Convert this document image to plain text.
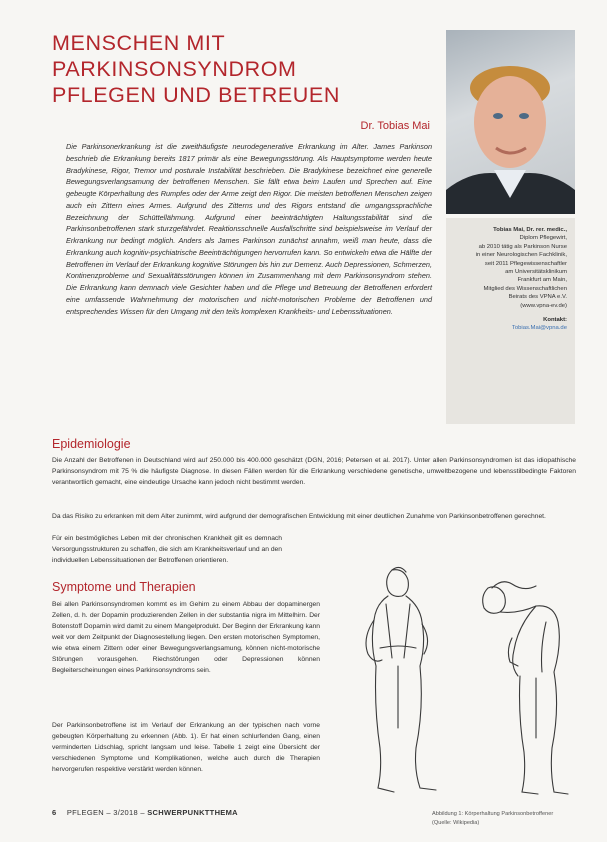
MENSCHEN MIT
PARKINSONSYNDROM
PFLEGEN UND BETREUEN
Dr. Tobias Mai

Die Parkinsonerkrankung ist die zweithäufigste neurodegenerative Erkrankung im Alter. James Parkinson beschrieb die Erkrankung bereits 1817 primär als eine Bewegungsstörung. Als Hauptsymptome werden heute Bradykinese, Rigor, Tremor und posturale Instabilität beschrieben. Die Bradykinese bezeichnet eine generelle Bewegungsverlangsamung der betroffenen Menschen. Sie fällt etwa beim Laufen und Sprechen auf. Eine gebeugte Körperhaltung des Rumpfes oder der Arme zeigt den Rigor. Die meisten betroffenen Menschen zeigen auch ein Zittern eines Armes. Aufgrund des Zitterns und des Rigors entstand die umgangssprachliche Bezeichnung der Schüttellähmung. Aufgrund einer beeinträchtigten Haltungsstabilität sind die Parkinsonbetroffenen stark sturzgefährdet. Reaktionsschnelle Ausfallschritte sind beispielsweise im Verlauf der Erkrankung nur bedingt möglich. Anders als James Parkinson zunächst annahm, weiß man heute, dass die Erkrankung auch kognitiv-psychiatrische Beeinträchtigungen hervorrufen kann. So entwickeln etwa die Hälfte der Betroffenen im Verlauf der Erkrankung kognitive Störungen bis hin zur Demenz. Auch Depressionen, Schmerzen, Kontinenzprobleme und Sexualitätsstörungen können im Zusammenhang mit dem Parkinsonsyndrom stehen. Die Erkrankung kann demnach viele Gesichter haben und die Pflege und Betreuung der Betroffenen erfordert eine umfassende Wahrnehmung der motorischen und nicht-motorischen Probleme der Betroffenen und entsprechendes Wissen für den Umgang mit den teils komplexen Krankheits- und Lebenssituationen.

Tobias Mai, Dr. rer. medic.,
Diplom Pflegewirt,
ab 2010 tätig als Parkinson Nurse
in einer Neurologischen Fachklinik,
seit 2011 Pflegewissenschaftler
am Universitätsklinikum
Frankfurt am Main,
Mitglied des Wissenschaftlichen
Beirats des VPNA e.V.
(www.vpna-ev.de)
Kontakt:
Tobias.Mai@vpna.de
Epidemiologie

Die Anzahl der Betroffenen in Deutschland wird auf 250.000 bis 400.000 geschätzt (DGN, 2016; Petersen et al. 2017). Unter allen Parkinsonsyndromen ist das idiopathische Parkinsonsyndrom mit 75 % die häufigste Diagnose. In diesen Fällen werden für die Erkrankung verschiedene genetische, umweltbezogene und lebensstilbedingte Faktoren verantwortlich gemacht, eine eindeutige Ursache kann jedoch nicht bestimmt werden.

Da das Risiko zu erkranken mit dem Alter zunimmt, wird aufgrund der demografischen Entwicklung mit einer deutlichen Zunahme von Parkinsonbetroffenen gerechnet.

Für ein bestmögliches Leben mit der chronischen Krankheit gilt es demnach Versorgungsstrukturen zu schaffen, die sich am Krankheitsverlauf und an den individuellen Lebenssituationen der Betroffenen orientieren.

Symptome und Therapien

Bei allen Parkinsonsyndromen kommt es im Gehirn zu einem Abbau der dopaminergen Zellen, d. h. der Dopamin produzierenden Zellen in der substantia nigra im Mittelhirn. Der Botenstoff Dopamin wird damit zu einem Mangelprodukt. Der Beginn der Erkrankung kann weit vor dem Zeitpunkt der Diagnosestellung liegen. Den ersten motorischen Symptomen, wie etwa einem Zittern oder einer Bewegungsverlangsamung, können nicht-motorische Störungen vorausgehen. Riechstörungen oder Depressionen können Begleiterscheinungen eines Parkinsonsyndroms sein.

Der Parkinsonbetroffene ist im Verlauf der Erkrankung an der typischen nach vorne gebeugten Körperhaltung zu erkennen (Abb. 1). Er hat einen schlurfenden Gang, einen verminderten Lidschlag, spricht langsam und leise. Tabelle 1 zeigt eine Übersicht der verschiedenen Symptome und Komplikationen, welche auch durch die Therapien hervorgerufen respektive verstärkt werden können.

Abbildung 1: Körperhaltung Parkinsonbetroffener
(Quelle: Wikipedia)
6 PFLEGEN – 3/2018 – SCHWERPUNKTTHEMA
